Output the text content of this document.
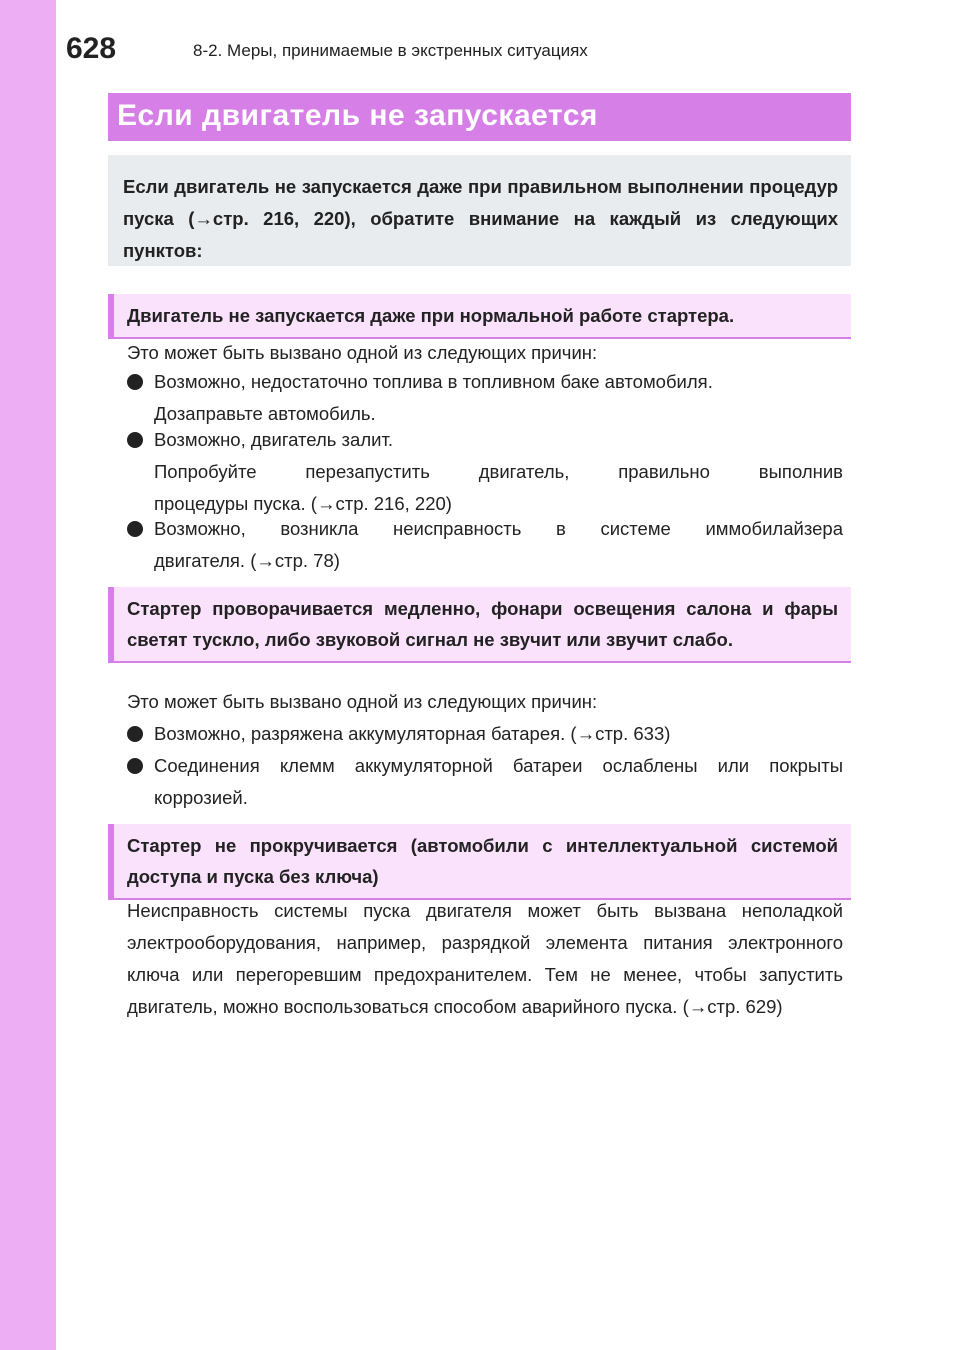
628	8-2. Меры, принимаемые в экстренных ситуациях
Если двигатель не запускается
Если двигатель не запускается даже при правильном выполнении процедур пуска (→стр. 216, 220), обратите внимание на каждый из следующих пунктов:
Двигатель не запускается даже при нормальной работе стартера.
Это может быть вызвано одной из следующих причин:
Возможно, недостаточно топлива в топливном баке автомобиля.
Дозаправьте автомобиль.
Возможно, двигатель залит.
Попробуйте перезапустить двигатель, правильно выполнив
процедуры пуска. (→стр. 216, 220)
Возможно, возникла неисправность в системе иммобилайзера
двигателя. (→стр. 78)
Стартер проворачивается медленно, фонари освещения салона и фары светят тускло, либо звуковой сигнал не звучит или звучит слабо.
Это может быть вызвано одной из следующих причин:
Возможно, разряжена аккумуляторная батарея. (→стр. 633)
Соединения клемм аккумуляторной батареи ослаблены или покрыты
коррозией.
Стартер не прокручивается (автомобили с интеллектуальной системой доступа и пуска без ключа)
Неисправность системы пуска двигателя может быть вызвана неполадкой электрооборудования, например, разрядкой элемента питания электронного ключа или перегоревшим предохранителем. Тем не менее, чтобы запустить двигатель, можно воспользоваться способом аварийного пуска. (→стр. 629)
